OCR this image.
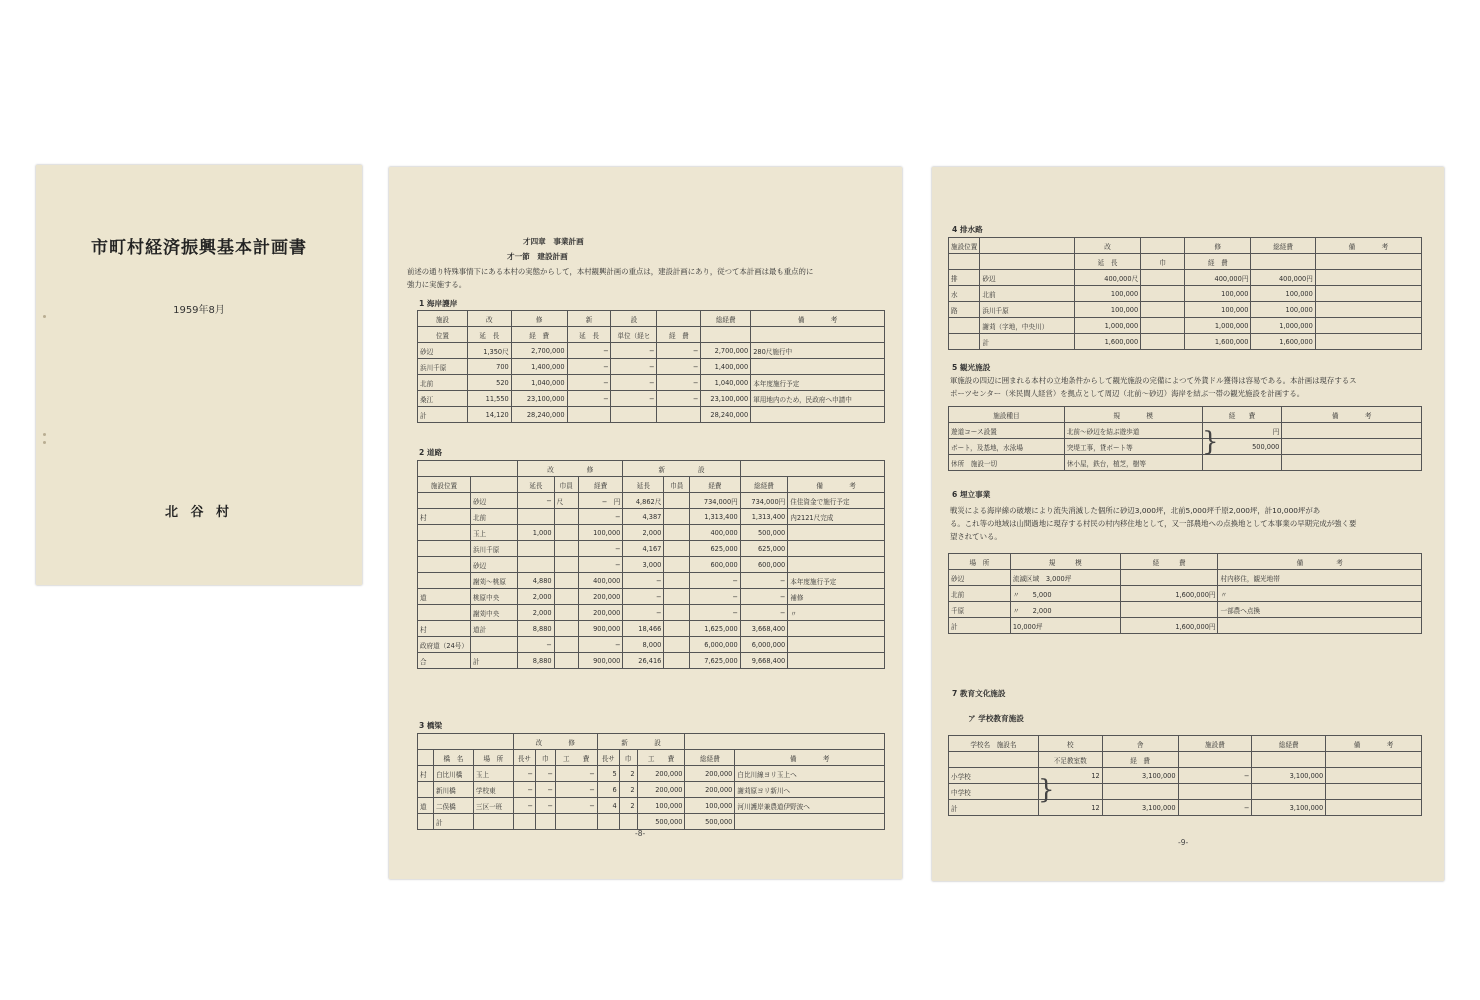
市町村経済振興基本計画書
1959年8月
北 谷 村
才四章　事業計画
才一節　建設計画
前述の通り特殊事情下にある本村の実態からして，本村観興計画の重点は，建設計画にあり，従つて本計画は最も重点的に
強力に実施する。
1 海岸護岸
施設	改	修	新	設		総経費	備　　　　考
位置	延　長	経　費	延　長	単位（経ヒ	経　費		
砂辺	1,350尺	2,700,000	−	−	−	2,700,000	280尺施行中
浜川千原	700	1,400,000	−	−	−	1,400,000	
北前	520	1,040,000	−	−	−	1,040,000	本年度施行予定
桑江	11,550	23,100,000	−	−	−	23,100,000	軍用地内のため，民政府へ申請中
計	14,120	28,240,000				28,240,000	
2 道路
		改　　　　　修			新　　　　　設				
施設位置		延長	巾員	経費	延長	巾員	経費	総経費	備　　　　考
	砂辺	−	尺	−　円	4,862尺		734,000円	734,000円	住佳資金で施行予定
村	北前			−	4,387		1,313,400	1,313,400	内2121尺完成
	玉上	1,000		100,000	2,000		400,000	500,000	
	浜川千原			−	4,167		625,000	625,000	
	砂辺			−	3,000		600,000	600,000	
	謝苅〜桃原	4,880		400,000	−		−	−	本年度施行予定
道	桃原中央	2,000		200,000	−		−	−	補修
	謝苅中央	2,000		200,000	−		−	−	〃
村	道計	8,880		900,000	18,466		1,625,000	3,668,400	
政府道（24号）		−		−	8,000		6,000,000	6,000,000	
合	計	8,880		900,000	26,416		7,625,000	9,668,400	
3 橋梁
			改　　　　修			新　　　　設				
	橋　名	場　所	長サ	巾	工　　費	長サ	巾	工　　費	総経費	備　　　　考
村	白比川橋	玉上	−	−	−	5	2	200,000	200,000	白比川線ヨリ玉上へ
	新川橋	学校東	−	−	−	6	2	200,000	200,000	謝苅原ヨリ新川へ
道	二俣橋	三区一班	−	−	−	4	2	100,000	100,000	河川護岸兼農道伊野波へ
	計							500,000	500,000	
-8-
4 排水路
施設位置		改		修	総経費	備　　　　考
		延　長	巾	経　費		
排	砂辺	400,000尺		400,000円	400,000円	
水	北前	100,000		100,000	100,000	
路	浜川千原	100,000		100,000	100,000	
	謝苅（字地，中央川）	1,000,000		1,000,000	1,000,000	
	計	1,600,000		1,600,000	1,600,000	
5 観光施設
軍施設の四辺に囲まれる本村の立地条件からして観光施設の完備によつて外貨ドル獲得は容易である。本計画は現存するス
ポーツセンター（米民間人経営）を拠点として周辺（北前〜砂辺）海岸を結ぶ一帯の観光施設を計画する。
施設種目	規　　　　模	経　　費	備　　　　考
遊道コース設置	北前〜砂辺を結ぶ遊歩道	円	
ボート，及基地，水泳場	突堤工事，貸ボート等	500,000	
休所　施設一切	休小屋，鉄台，植芝，樹等		
}
6 埋立事業
戦災による海岸線の破壊により流失消滅した個所に砂辺3,000坪，北前5,000坪千原2,000坪，計10,000坪があ
る。これ等の地域は山間過地に現存する村民の村内移住地として，又一部農地への点換地として本事業の早期完成が強く要
望されている。
場　所	規　　　模	経　　　費	備　　　　　考
砂辺	流滅区域　3,000坪		村内移住，観光地帯
北前	〃　　5,000	1,600,000円	〃
千原	〃　　2,000		一部農へ点換
計	10,000坪	1,600,000円	
7 教育文化施設
ア 学校教育施設
学校名　施設名	校	舎	施設費	総経費	備　　　　考
	不足教室数	経　費			
小学校	12	3,100,000	−	3,100,000	
中学校					
計	12	3,100,000	−	3,100,000	
}
-9-
